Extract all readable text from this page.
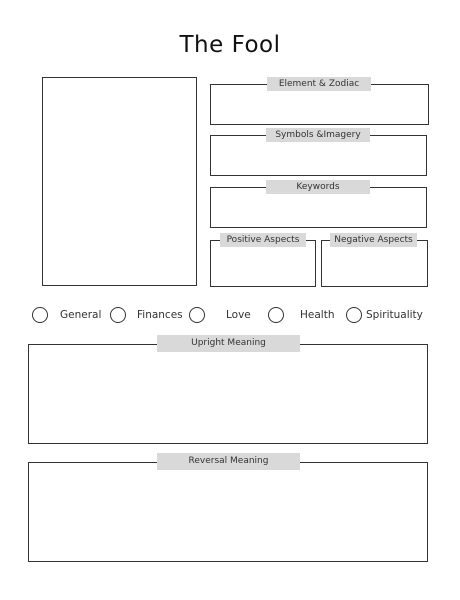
The Fool
Element & Zodiac
Symbols &Imagery
Keywords
Positive Aspects	Negative Aspects
General	Finances	Love	Health	Spirituality
Upright Meaning
Reversal Meaning
